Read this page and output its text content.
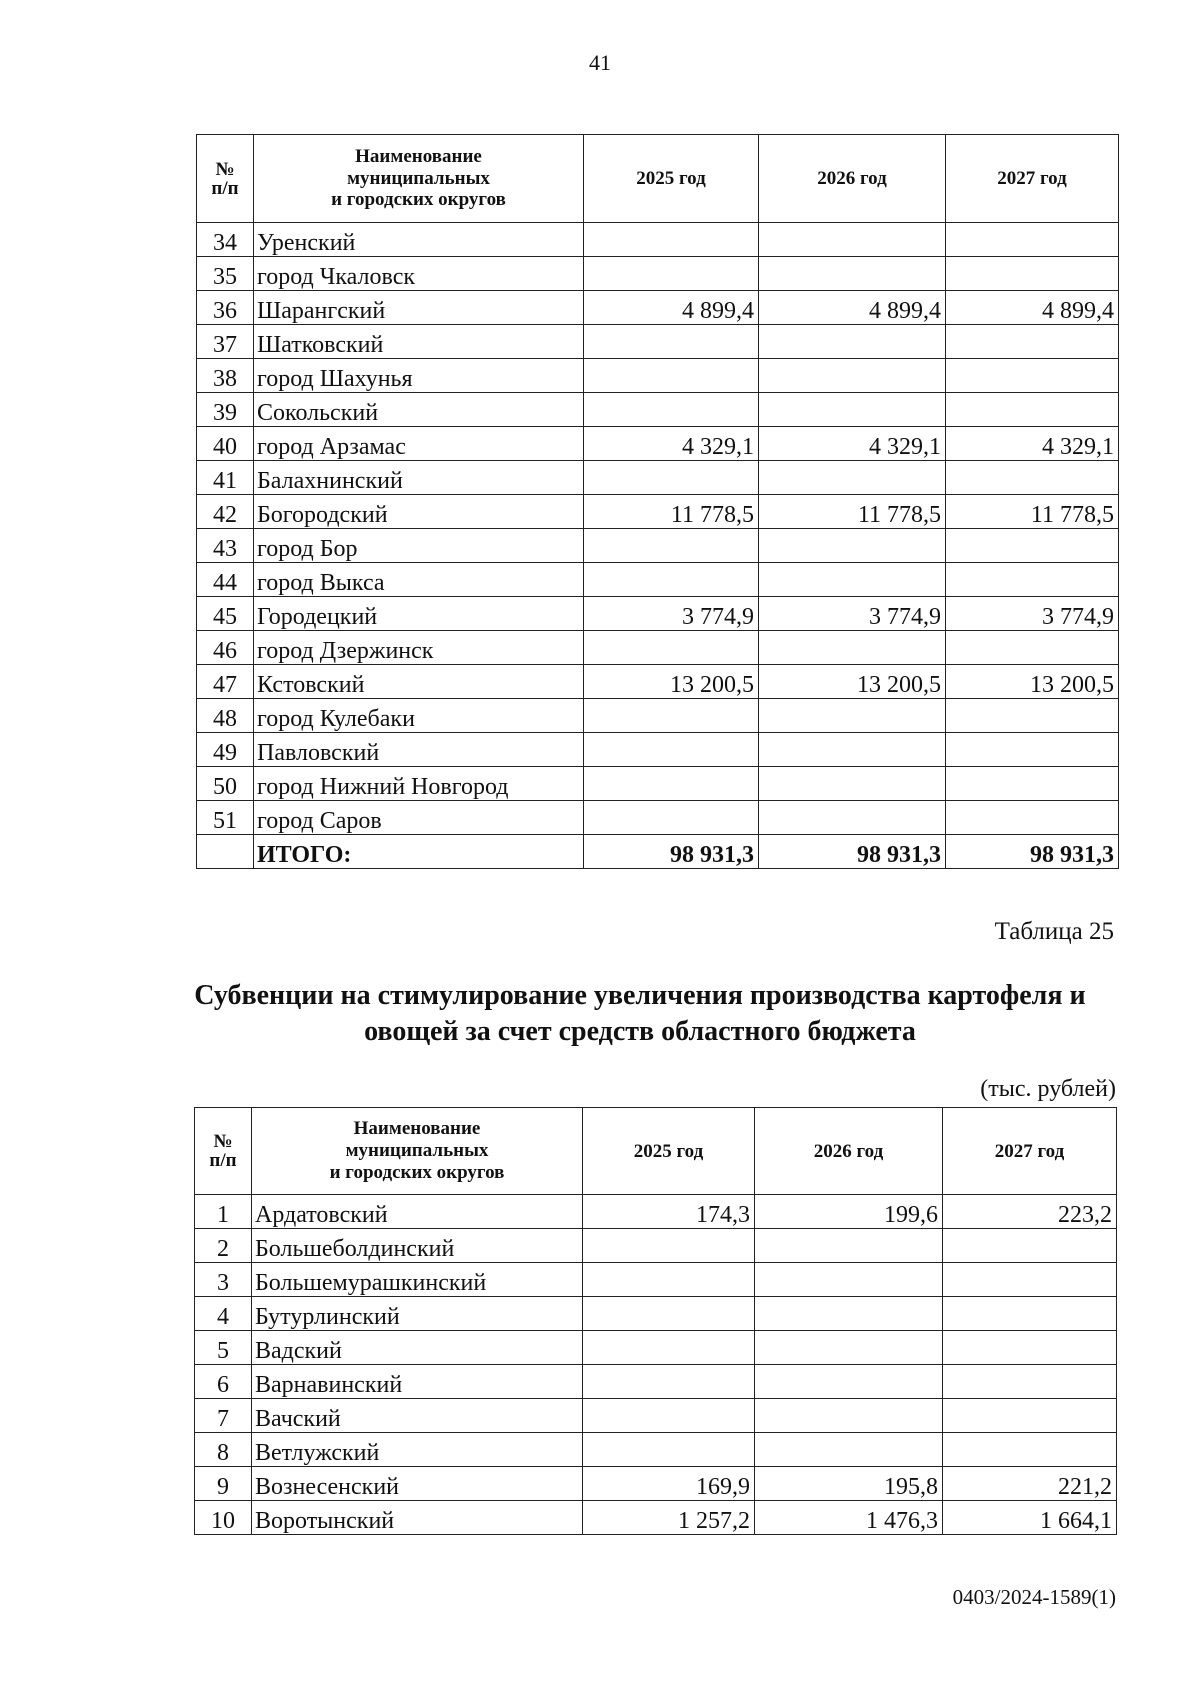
41
№
п/п	Наименование
муниципальных
и городских округов	2025 год	2026 год	2027 год
34	Уренский			
35	город Чкаловск			
36	Шарангский	4 899,4	4 899,4	4 899,4
37	Шатковский			
38	город Шахунья			
39	Сокольский			
40	город Арзамас	4 329,1	4 329,1	4 329,1
41	Балахнинский			
42	Богородский	11 778,5	11 778,5	11 778,5
43	город Бор			
44	город Выкса			
45	Городецкий	3 774,9	3 774,9	3 774,9
46	город Дзержинск			
47	Кстовский	13 200,5	13 200,5	13 200,5
48	город Кулебаки			
49	Павловский			
50	город Нижний Новгород			
51	город Саров			
	ИТОГО:	98 931,3	98 931,3	98 931,3
Таблица 25
Субвенции на стимулирование увеличения производства картофеля и овощей за счет средств областного бюджета
(тыс. рублей)
№
п/п	Наименование
муниципальных
и городских округов	2025 год	2026 год	2027 год
1	Ардатовский	174,3	199,6	223,2
2	Большеболдинский			
3	Большемурашкинский			
4	Бутурлинский			
5	Вадский			
6	Варнавинский			
7	Вачский			
8	Ветлужский			
9	Вознесенский	169,9	195,8	221,2
10	Воротынский	1 257,2	1 476,3	1 664,1
0403/2024-1589(1)
